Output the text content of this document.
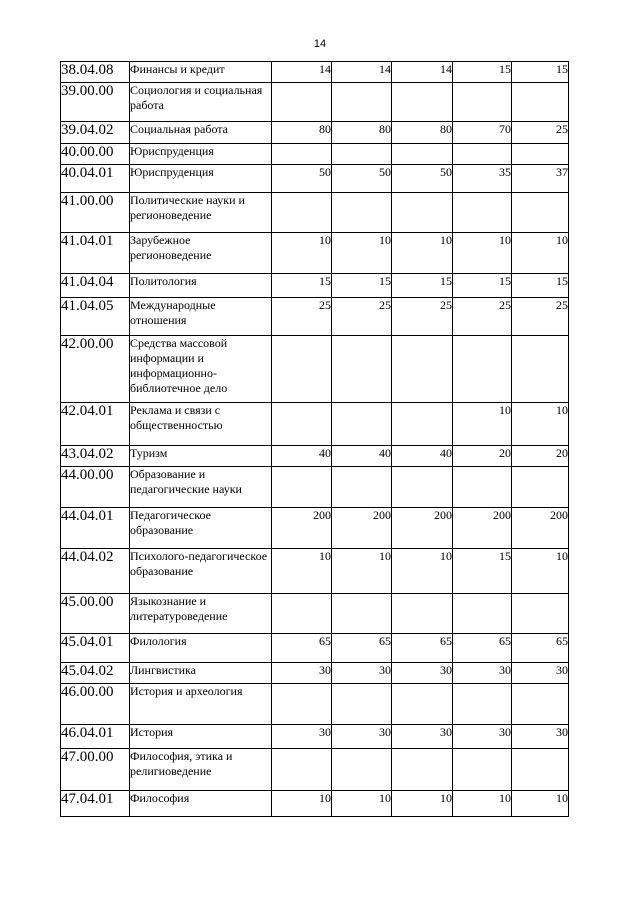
14
38.04.08	Финансы и кредит	14	14	14	15	15
39.00.00	Социология и социальная работа					
39.04.02	Социальная работа	80	80	80	70	25
40.00.00	Юриспруденция					
40.04.01	Юриспруденция	50	50	50	35	37
41.00.00	Политические науки и регионоведение					
41.04.01	Зарубежное регионоведение	10	10	10	10	10
41.04.04	Политология	15	15	15	15	15
41.04.05	Международные отношения	25	25	25	25	25
42.00.00	Средства массовой информации и информационно-библиотечное дело					
42.04.01	Реклама и связи с общественностью				10	10
43.04.02	Туризм	40	40	40	20	20
44.00.00	Образование и педагогические науки					
44.04.01	Педагогическое образование	200	200	200	200	200
44.04.02	Психолого-педагогическое образование	10	10	10	15	10
45.00.00	Языкознание и литературоведение					
45.04.01	Филология	65	65	65	65	65
45.04.02	Лингвистика	30	30	30	30	30
46.00.00	История и археология					
46.04.01	История	30	30	30	30	30
47.00.00	Философия, этика и религиоведение					
47.04.01	Философия	10	10	10	10	10
